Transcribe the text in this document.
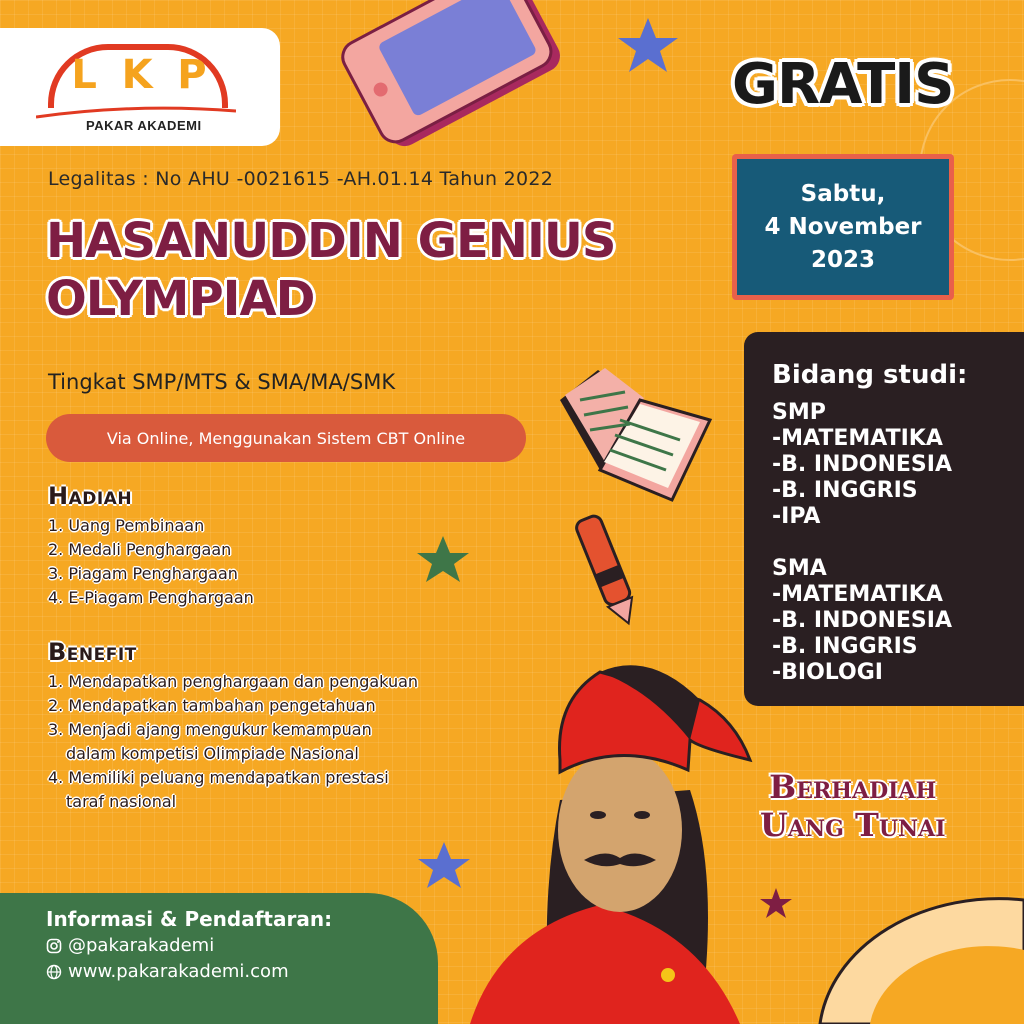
L K P
PAKAR AKADEMI
Legalitas : No AHU -0021615 -AH.01.14 Tahun 2022
HASANUDDIN GENIUS
OLYMPIAD
Tingkat SMP/MTS & SMA/MA/SMK
Via Online, Menggunakan Sistem CBT Online
Hadiah
1. Uang Pembinaan
2. Medali Penghargaan
3. Piagam Penghargaan
4. E-Piagam Penghargaan
Benefit
1. Mendapatkan penghargaan dan pengakuan
2. Mendapatkan tambahan pengetahuan
3. Menjadi ajang mengukur kemampuan
dalam kompetisi Olimpiade Nasional
4. Memiliki peluang mendapatkan prestasi
taraf nasional
GRATIS
Sabtu,
4 November
2023
Bidang studi:
SMP
-MATEMATIKA
-B. INDONESIA
-B. INGGRIS
-IPA
SMA
-MATEMATIKA
-B. INDONESIA
-B. INGGRIS
-BIOLOGI
Berhadiah
Uang Tunai
Informasi & Pendaftaran:
@pakarakademi
www.pakarakademi.com
